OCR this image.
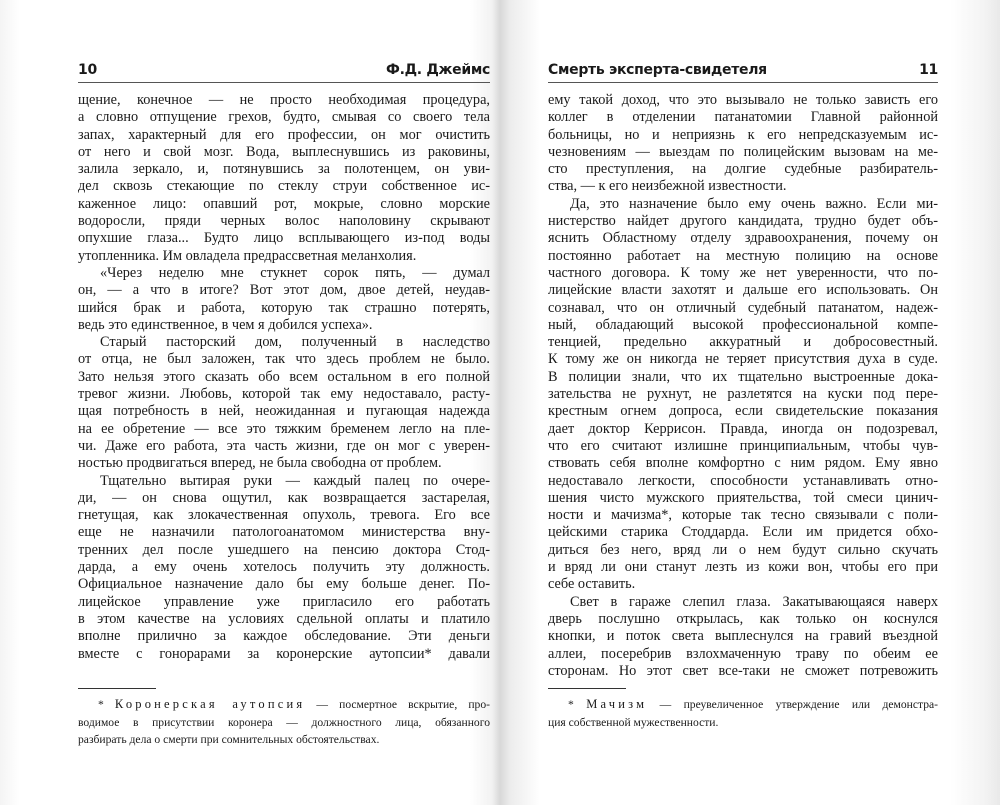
10	Ф.Д. Джеймс
щение, конечное — не просто необходимая процедура,
а словно отпущение грехов, будто, смывая со своего тела
запах, характерный для его профессии, он мог очистить
от него и свой мозг. Вода, выплеснувшись из раковины,
залила зеркало, и, потянувшись за полотенцем, он уви-
дел сквозь стекающие по стеклу струи собственное ис-
каженное лицо: опавший рот, мокрые, словно морские
водоросли, пряди черных волос наполовину скрывают
опухшие глаза... Будто лицо всплывающего из-под воды
утопленника. Им овладела предрассветная меланхолия.
«Через неделю мне стукнет сорок пять, — думал
он, — а что в итоге? Вот этот дом, двое детей, неудав-
шийся брак и работа, которую так страшно потерять,
ведь это единственное, в чем я добился успеха».
Старый пасторский дом, полученный в наследство
от отца, не был заложен, так что здесь проблем не было.
Зато нельзя этого сказать обо всем остальном в его полной
тревог жизни. Любовь, которой так ему недоставало, расту-
щая потребность в ней, неожиданная и пугающая надежда
на ее обретение — все это тяжким бременем легло на пле-
чи. Даже его работа, эта часть жизни, где он мог с уверен-
ностью продвигаться вперед, не была свободна от проблем.
Тщательно вытирая руки — каждый палец по очере-
ди, — он снова ощутил, как возвращается застарелая,
гнетущая, как злокачественная опухоль, тревога. Его все
еще не назначили патологоанатомом министерства вну-
тренних дел после ушедшего на пенсию доктора Стод-
дарда, а ему очень хотелось получить эту должность.
Официальное назначение дало бы ему больше денег. По-
лицейское управление уже пригласило его работать
в этом качестве на условиях сдельной оплаты и платило
вполне прилично за каждое обследование. Эти деньги
вместе с гонорарами за коронерские аутопсии* давали
* Коронерская аутопсия — посмертное вскрытие, про-
водимое в присутствии коронера — должностного лица, обязанного
разбирать дела о смерти при сомнительных обстоятельствах.
Смерть эксперта-свидетеля	11
ему такой доход, что это вызывало не только зависть его
коллег в отделении патанатомии Главной районной
больницы, но и неприязнь к его непредсказуемым ис-
чезновениям — выездам по полицейским вызовам на ме-
сто преступления, на долгие судебные разбиратель-
ства, — к его неизбежной известности.
Да, это назначение было ему очень важно. Если ми-
нистерство найдет другого кандидата, трудно будет объ-
яснить Областному отделу здравоохранения, почему он
постоянно работает на местную полицию на основе
частного договора. К тому же нет уверенности, что по-
лицейские власти захотят и дальше его использовать. Он
сознавал, что он отличный судебный патанатом, надеж-
ный, обладающий высокой профессиональной компе-
тенцией, предельно аккуратный и добросовестный.
К тому же он никогда не теряет присутствия духа в суде.
В полиции знали, что их тщательно выстроенные дока-
зательства не рухнут, не разлетятся на куски под пере-
крестным огнем допроса, если свидетельские показания
дает доктор Керрисон. Правда, иногда он подозревал,
что его считают излишне принципиальным, чтобы чув-
ствовать себя вполне комфортно с ним рядом. Ему явно
недоставало легкости, способности устанавливать отно-
шения чисто мужского приятельства, той смеси цинич-
ности и мачизма*, которые так тесно связывали с поли-
цейскими старика Стоддарда. Если им придется обхо-
диться без него, вряд ли о нем будут сильно скучать
и вряд ли они станут лезть из кожи вон, чтобы его при
себе оставить.
Свет в гараже слепил глаза. Закатывающаяся наверх
дверь послушно открылась, как только он коснулся
кнопки, и поток света выплеснулся на гравий въездной
аллеи, посеребрив взлохмаченную траву по обеим ее
сторонам. Но этот свет все-таки не сможет потревожить
* Мачизм — преувеличенное утверждение или демонстра-
ция собственной мужественности.
